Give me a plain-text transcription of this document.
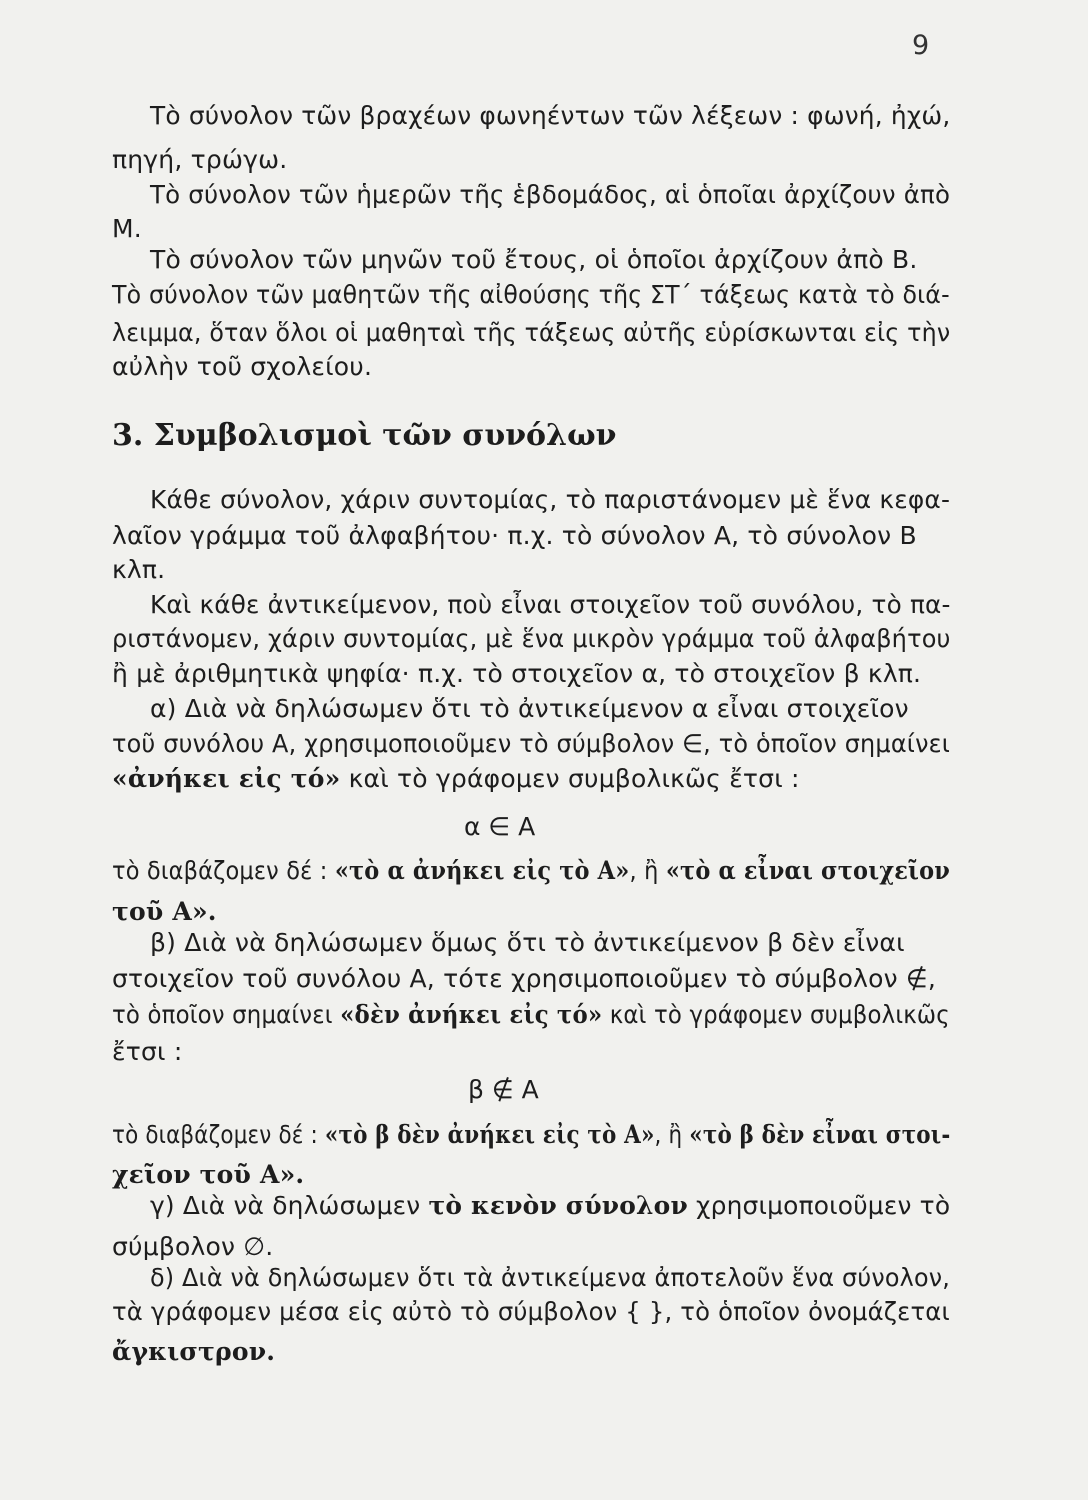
9
Τὸ σύνολον τῶν βραχέων φωνηέντων τῶν λέξεων : φωνή, ἠχώ,
πηγή, τρώγω.
Τὸ σύνολον τῶν ἡμερῶν τῆς ἑβδομάδος, αἱ ὁποῖαι ἀρχίζουν ἀπὸ
Μ.
Τὸ σύνολον τῶν μηνῶν τοῦ ἔτους, οἱ ὁποῖοι ἀρχίζουν ἀπὸ Β.
Τὸ σύνολον τῶν μαθητῶν τῆς αἰθούσης τῆς ΣΤ΄ τάξεως κατὰ τὸ διά-
λειμμα, ὅταν ὅλοι οἱ μαθηταὶ τῆς τάξεως αὐτῆς εὑρίσκωνται εἰς τὴν
αὐλὴν τοῦ σχολείου.
3. Συμβολισμοὶ τῶν συνόλων
Κάθε σύνολον, χάριν συντομίας, τὸ παριστάνομεν μὲ ἕνα κεφα-
λαῖον γράμμα τοῦ ἀλφαβήτου· π.χ. τὸ σύνολον Α, τὸ σύνολον Β
κλπ.
Καὶ κάθε ἀντικείμενον, ποὺ εἶναι στοιχεῖον τοῦ συνόλου, τὸ πα-
ριστάνομεν, χάριν συντομίας, μὲ ἕνα μικρὸν γράμμα τοῦ ἀλφαβήτου
ἢ μὲ ἀριθμητικὰ ψηφία· π.χ. τὸ στοιχεῖον α, τὸ στοιχεῖον β κλπ.
α) Διὰ νὰ δηλώσωμεν ὅτι τὸ ἀντικείμενον α εἶναι στοιχεῖον
τοῦ συνόλου Α, χρησιμοποιοῦμεν τὸ σύμβολον ∈, τὸ ὁποῖον σημαίνει
«ἀνήκει εἰς τό» καὶ τὸ γράφομεν συμβολικῶς ἔτσι :
α ∈ Α
τὸ διαβάζομεν δέ : «τὸ α ἀνήκει εἰς τὸ Α», ἢ «τὸ α εἶναι στοιχεῖον
τοῦ Α».
β) Διὰ νὰ δηλώσωμεν ὅμως ὅτι τὸ ἀντικείμενον β δὲν εἶναι
στοιχεῖον τοῦ συνόλου Α, τότε χρησιμοποιοῦμεν τὸ σύμβολον ∉,
τὸ ὁποῖον σημαίνει «δὲν ἀνήκει εἰς τό» καὶ τὸ γράφομεν συμβολικῶς
ἔτσι :
β ∉ Α
τὸ διαβάζομεν δέ : «τὸ β δὲν ἀνήκει εἰς τὸ Α», ἢ «τὸ β δὲν εἶναι στοι-
χεῖον τοῦ Α».
γ) Διὰ νὰ δηλώσωμεν τὸ κενὸν σύνολον χρησιμοποιοῦμεν τὸ
σύμβολον ∅.
δ) Διὰ νὰ δηλώσωμεν ὅτι τὰ ἀντικείμενα ἀποτελοῦν ἕνα σύνολον,
τὰ γράφομεν μέσα εἰς αὐτὸ τὸ σύμβολον { }, τὸ ὁποῖον ὀνομάζεται
ἄγκιστρον.
